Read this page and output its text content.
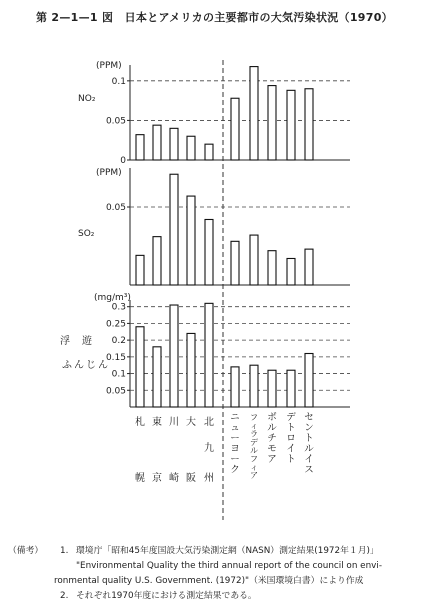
第 2—1—1 図　日本とアメリカの主要都市の大気汚染状況（1970）
(PPM)
NO₂
0.1
0.05
0
(PPM)
SO₂
0.05
(mg/m³)
浮遊
ふんじん
0.3
0.25
0.2
0.15
0.1
0.05
札
幌
東
京
川
崎
大
阪
北
九
州
ニューヨーク
フィラデルフィア
ボルチモア
デトロイト
セントルイス
（備考） 1. 環境庁「昭和45年度国設大気汚染測定網（NASN）測定結果(1972年１月)」
"Environmental Quality the third annual report of the council on envi-
ronmental quality U.S. Government. (1972)"（米国環境白書）により作成
2. それぞれ1970年度における測定結果である。
